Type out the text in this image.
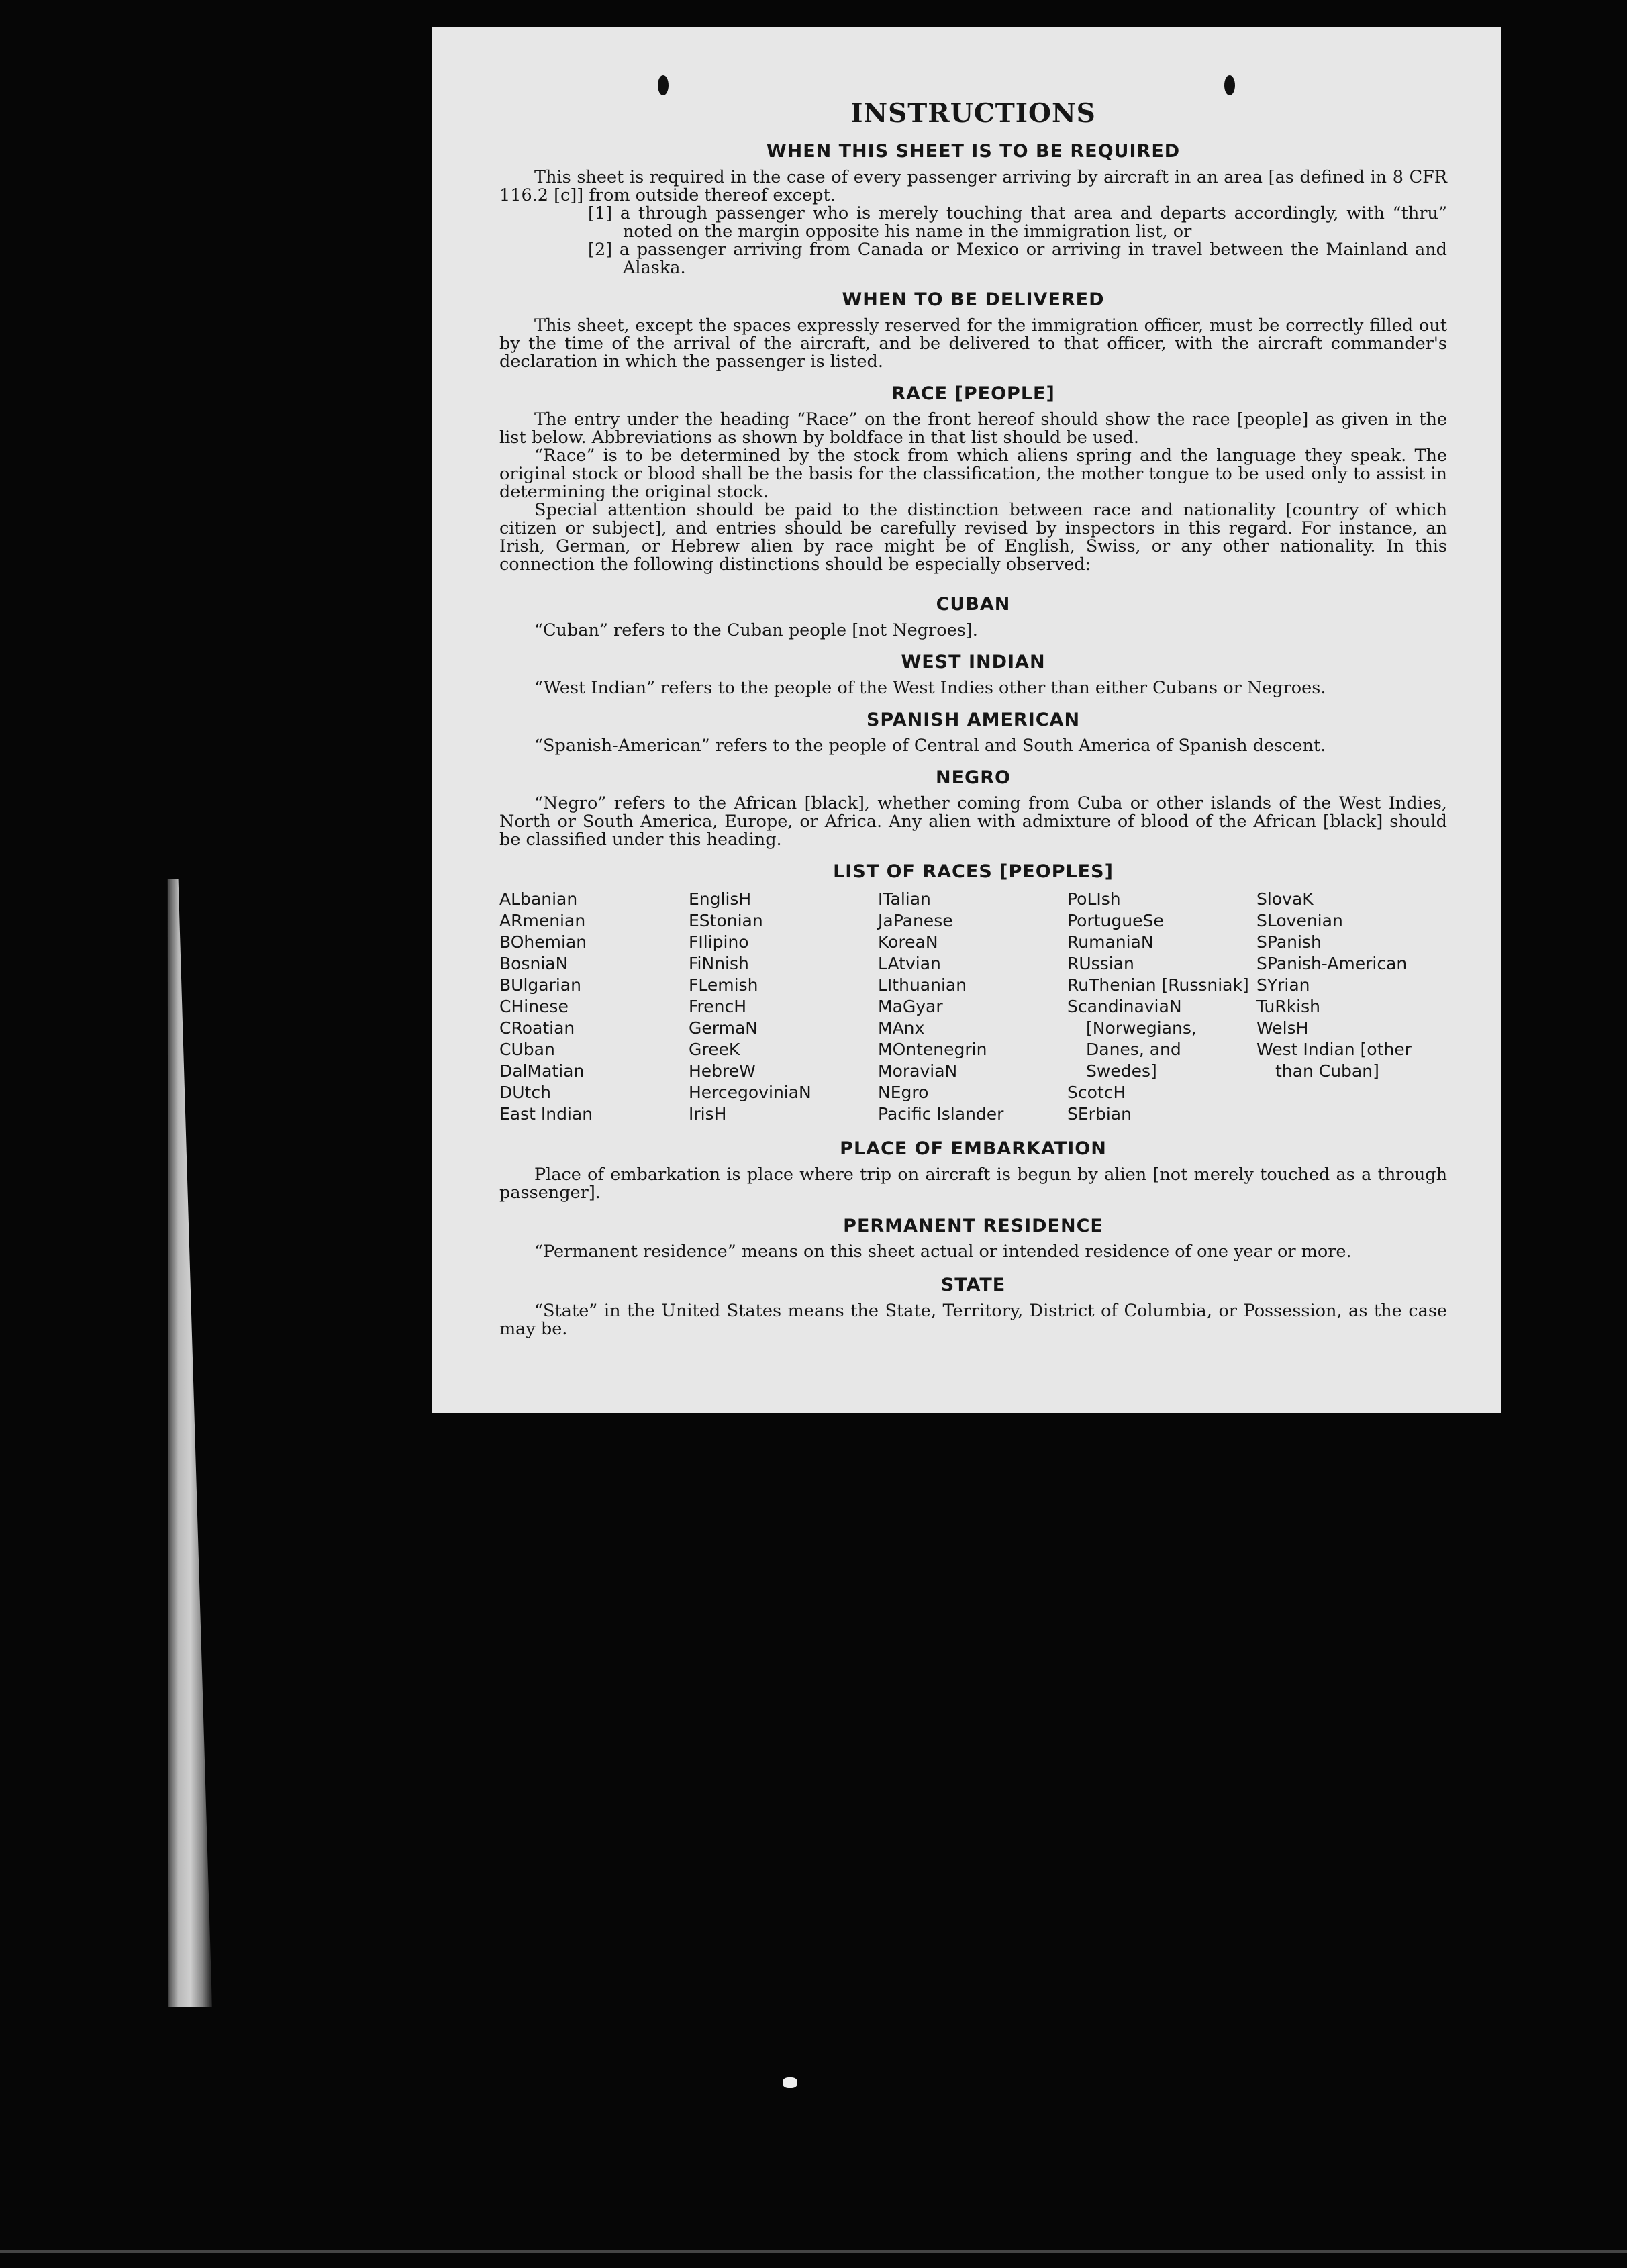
INSTRUCTIONS
WHEN THIS SHEET IS TO BE REQUIRED

This sheet is required in the case of every passenger arriving by aircraft in an area [as defined in 8 CFR 116.2 [c]] from outside thereof except.

[1] a through passenger who is merely touching that area and departs accordingly, with “thru” noted on the margin opposite his name in the immigration list, or
[2] a passenger arriving from Canada or Mexico or arriving in travel between the Mainland and Alaska.
WHEN TO BE DELIVERED

This sheet, except the spaces expressly reserved for the immigration officer, must be correctly filled out by the time of the arrival of the aircraft, and be delivered to that officer, with the aircraft commander's declaration in which the passenger is listed.

RACE [PEOPLE]

The entry under the heading “Race” on the front hereof should show the race [people] as given in the list below. Abbreviations as shown by boldface in that list should be used.

“Race” is to be determined by the stock from which aliens spring and the language they speak. The original stock or blood shall be the basis for the classification, the mother tongue to be used only to assist in determining the original stock.

Special attention should be paid to the distinction between race and nationality [country of which citizen or subject], and entries should be carefully revised by inspectors in this regard. For instance, an Irish, German, or Hebrew alien by race might be of English, Swiss, or any other nationality. In this connection the following distinctions should be especially observed:

CUBAN

“Cuban” refers to the Cuban people [not Negroes].

WEST INDIAN

“West Indian” refers to the people of the West Indies other than either Cubans or Negroes.

SPANISH AMERICAN

“Spanish-American” refers to the people of Central and South America of Spanish descent.

NEGRO

“Negro” refers to the African [black], whether coming from Cuba or other islands of the West Indies, North or South America, Europe, or Africa. Any alien with admixture of blood of the African [black] should be classified under this heading.

LIST OF RACES [PEOPLES]
ALbanian
ARmenian
BOhemian
BosniaN
BUlgarian
CHinese
CRoatian
CUban
DalMatian
DUtch
East Indian
EnglisH
EStonian
FIlipino
FiNnish
FLemish
FrencH
GermaN
GreeK
HebreW
HercegoviniaN
IrisH
ITalian
JaPanese
KoreaN
LAtvian
LIthuanian
MaGyar
MAnx
MOntenegrin
MoraviaN
NEgro
Pacific Islander
PoLIsh
PortugueSe
RumaniaN
RUssian
RuThenian [Russniak]
ScandinaviaN [Norwegians, Danes, and Swedes]
ScotcH
SErbian
SlovaK
SLovenian
SPanish
SPanish-American
SYrian
TuRkish
WelsH
West Indian [other than Cuban]
PLACE OF EMBARKATION

Place of embarkation is place where trip on aircraft is begun by alien [not merely touched as a through passenger].

PERMANENT RESIDENCE

“Permanent residence” means on this sheet actual or intended residence of one year or more.

STATE

“State” in the United States means the State, Territory, District of Columbia, or Possession, as the case may be.
